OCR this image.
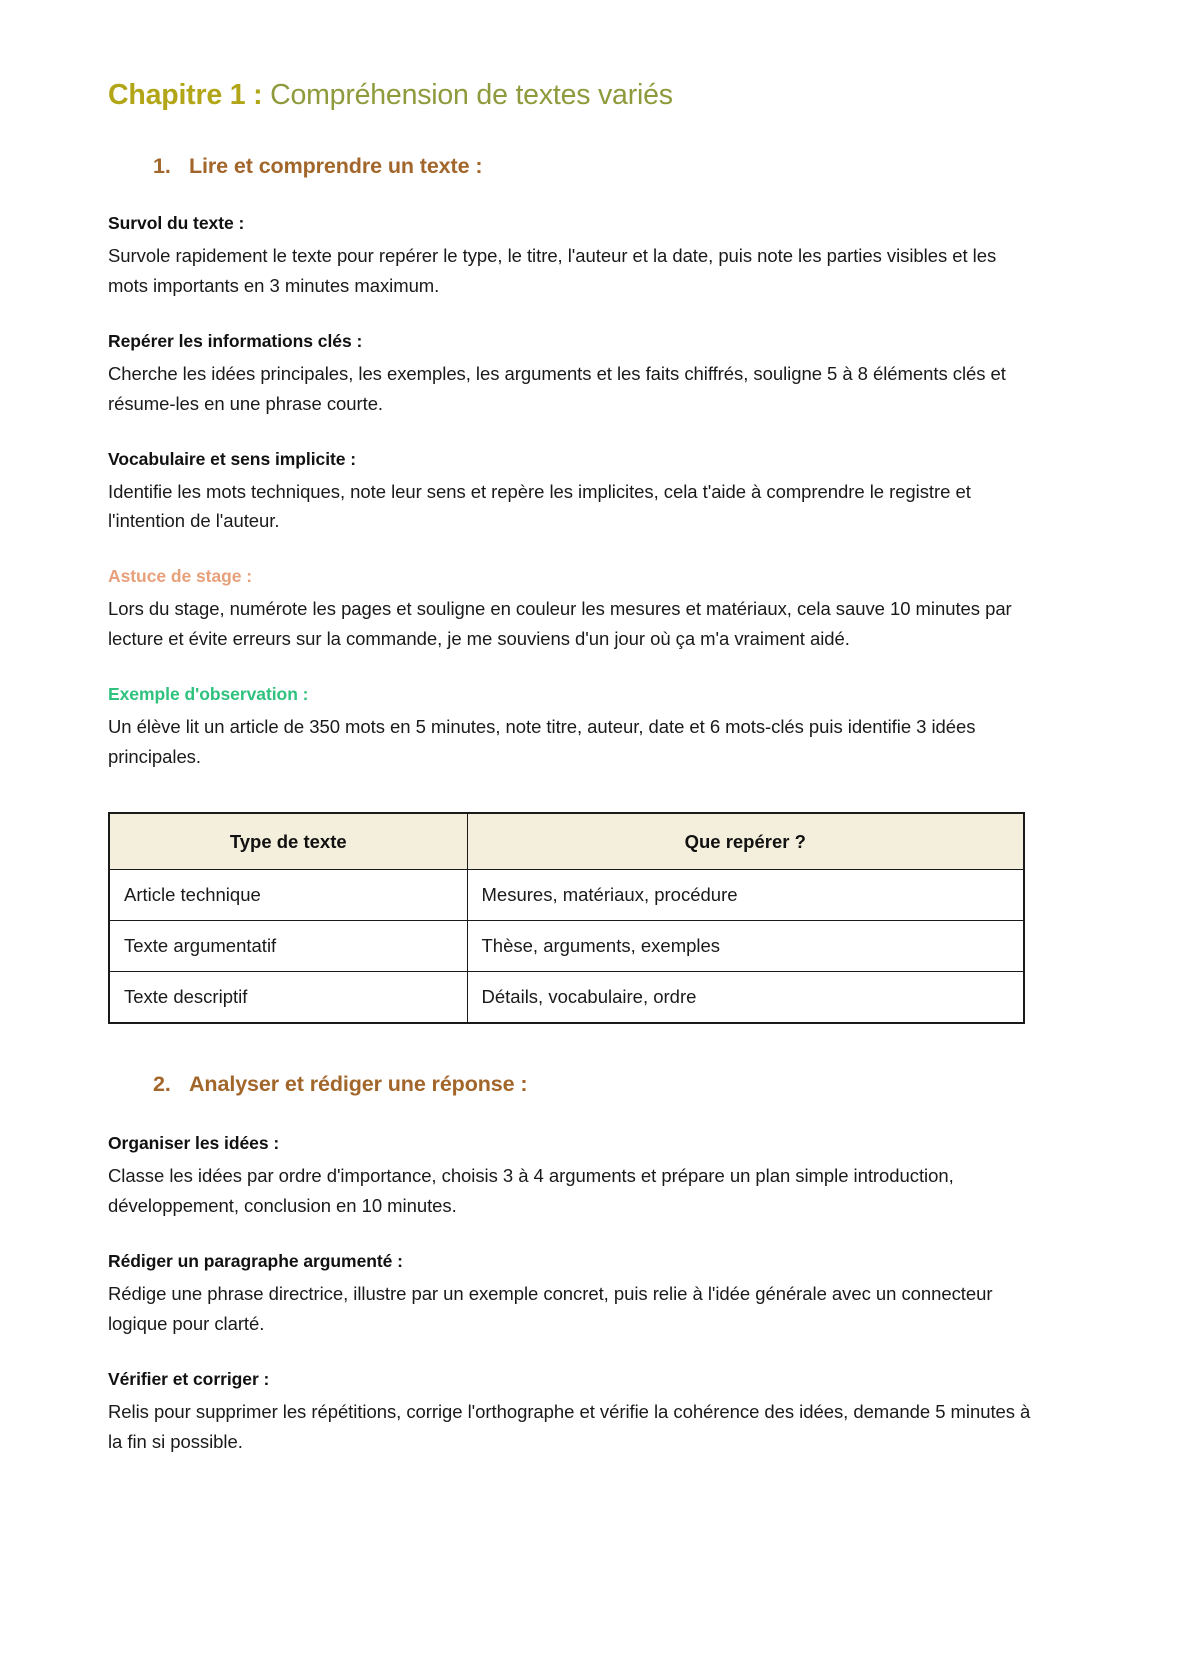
Chapitre 1 : Compréhension de textes variés
1. Lire et comprendre un texte :
Survol du texte :

Survole rapidement le texte pour repérer le type, le titre, l'auteur et la date, puis note les parties visibles et les mots importants en 3 minutes maximum.

Repérer les informations clés :

Cherche les idées principales, les exemples, les arguments et les faits chiffrés, souligne 5 à 8 éléments clés et résume-les en une phrase courte.

Vocabulaire et sens implicite :

Identifie les mots techniques, note leur sens et repère les implicites, cela t'aide à comprendre le registre et l'intention de l'auteur.

Astuce de stage :

Lors du stage, numérote les pages et souligne en couleur les mesures et matériaux, cela sauve 10 minutes par lecture et évite erreurs sur la commande, je me souviens d'un jour où ça m'a vraiment aidé.

Exemple d'observation :

Un élève lit un article de 350 mots en 5 minutes, note titre, auteur, date et 6 mots-clés puis identifie 3 idées principales.

Type de texte	Que repérer ?
Article technique	Mesures, matériaux, procédure
Texte argumentatif	Thèse, arguments, exemples
Texte descriptif	Détails, vocabulaire, ordre
2. Analyser et rédiger une réponse :
Organiser les idées :

Classe les idées par ordre d'importance, choisis 3 à 4 arguments et prépare un plan simple introduction, développement, conclusion en 10 minutes.

Rédiger un paragraphe argumenté :

Rédige une phrase directrice, illustre par un exemple concret, puis relie à l'idée générale avec un connecteur logique pour clarté.

Vérifier et corriger :

Relis pour supprimer les répétitions, corrige l'orthographe et vérifie la cohérence des idées, demande 5 minutes à la fin si possible.
